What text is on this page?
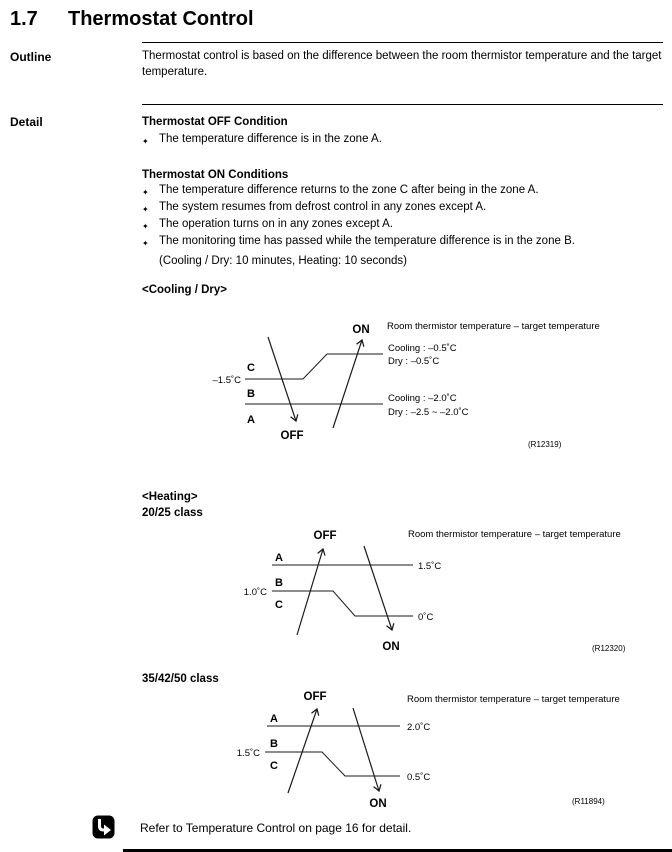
1.7	Thermostat Control
Outline	Thermostat control is based on the difference between the room thermistor temperature and the target temperature.
Detail	Thermostat OFF Condition
✦ The temperature difference is in the zone A.
Thermostat ON Conditions
✦ The temperature difference returns to the zone C after being in the zone A.
✦ The system resumes from defrost control in any zones except A.
✦ The operation turns on in any zones except A.
✦ The monitoring time has passed while the temperature difference is in the zone B.
(Cooling / Dry: 10 minutes, Heating: 10 seconds)
<Cooling / Dry>
C
B
A
–1.5˚C
OFF
ON Room thermistor temperature – target temperature
Cooling : –0.5˚C
Dry : –0.5˚C
Cooling : –2.0˚C
Dry : –2.5 ~ –2.0˚C
(R12319)
<Heating>
20/25 class
OFF
ON
A
B
C
1.0˚C
Room thermistor temperature – target temperature
1.5˚C
0˚C
(R12320)
35/42/50 class
OFF
ON
A
B
C
1.5˚C
Room thermistor temperature – target temperature
2.0˚C
0.5˚C
(R11894)
Refer to Temperature Control on page 16 for detail.
